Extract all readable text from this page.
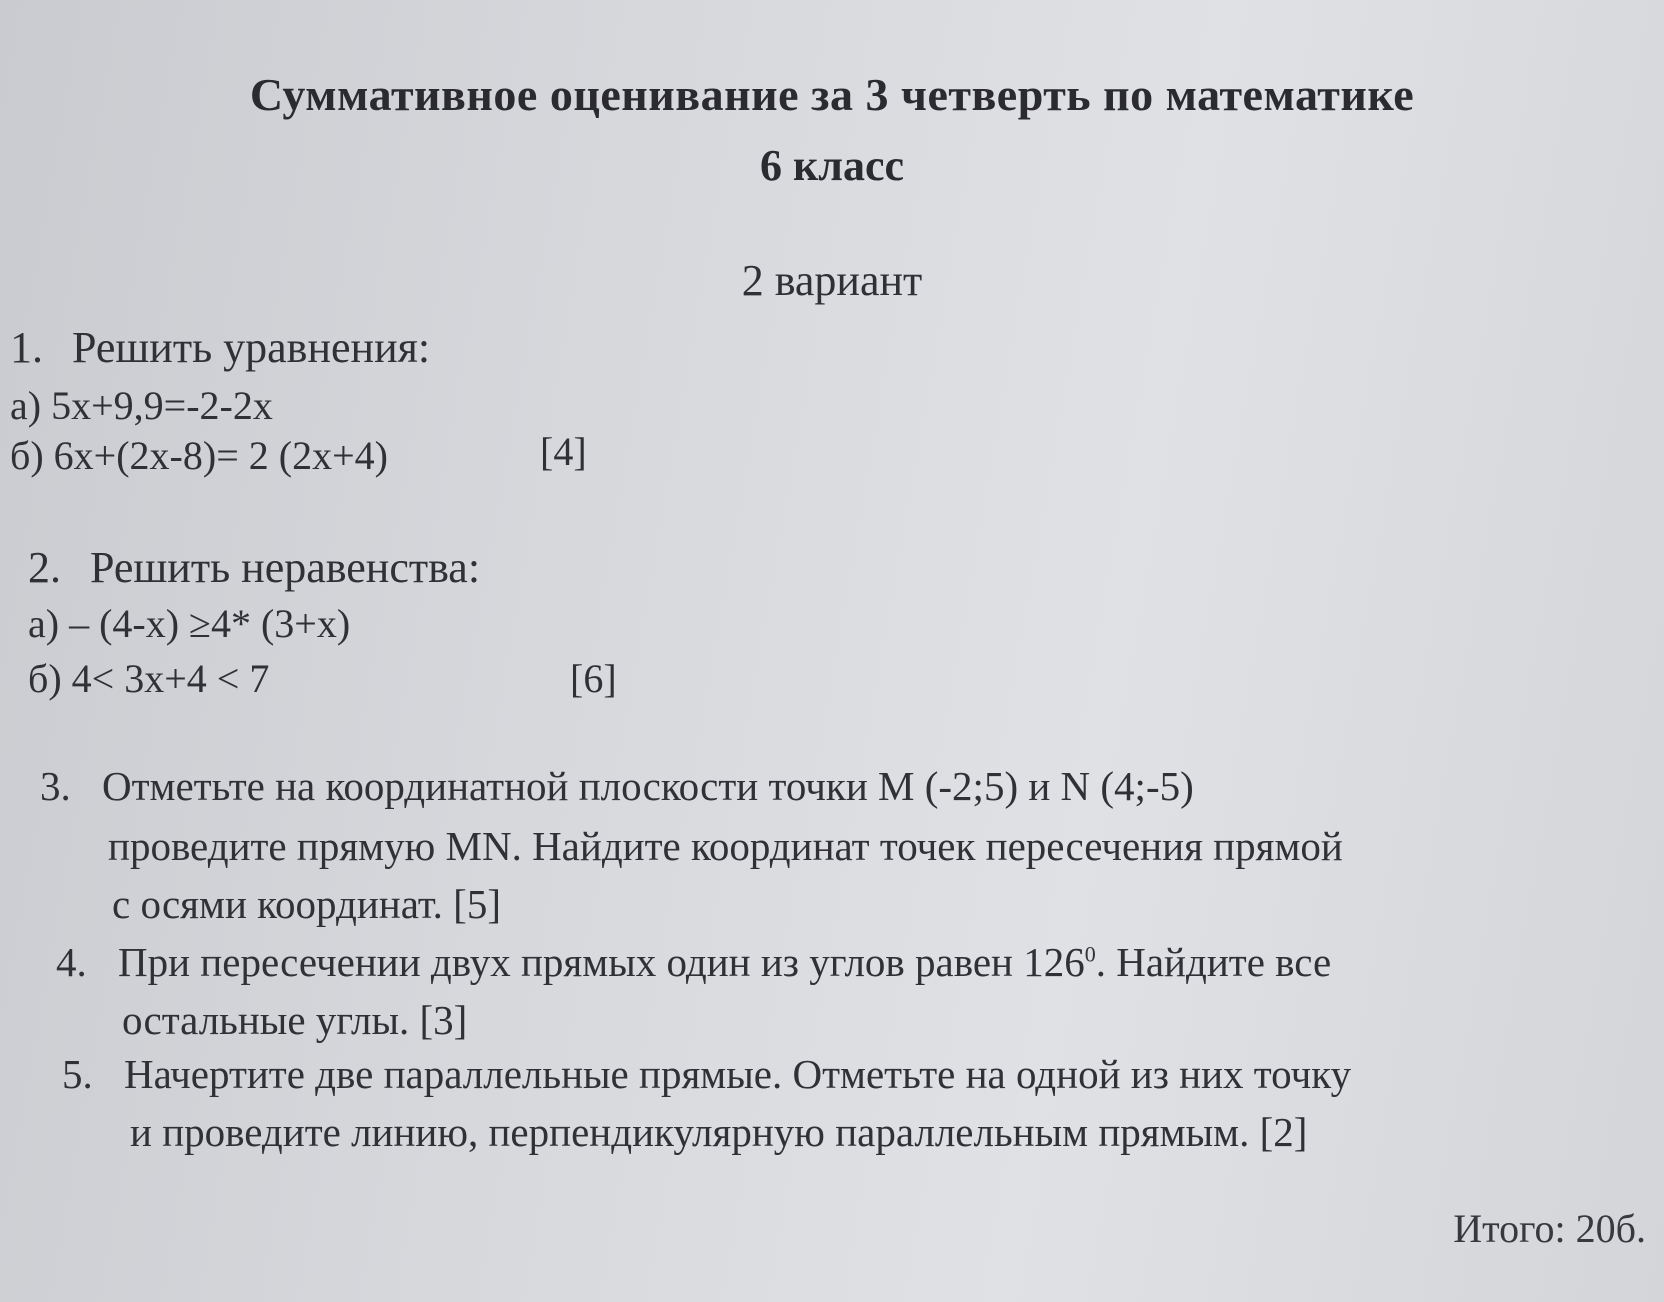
Суммативное оценивание за 3 четверть по математике
6 класс
2 вариант
1. Решить уравнения:
а) 5x+9,9=-2-2x
б) 6x+(2x-8)= 2 (2x+4)	[4]
2. Решить неравенства:
а) – (4-x) ≥4* (3+x)
б) 4< 3x+4 < 7	[6]
3. Отметьте на координатной плоскости точки M (-2;5) и N (4;-5)
проведите прямую MN. Найдите координат точек пересечения прямой
с осями координат. [5]
4. При пересечении двух прямых один из углов равен $126^0$. Найдите все
остальные углы. [3]
5. Начертите две параллельные прямые. Отметьте на одной из них точку
и проведите линию, перпендикулярную параллельным прямым. [2]
Итого: 20б.
